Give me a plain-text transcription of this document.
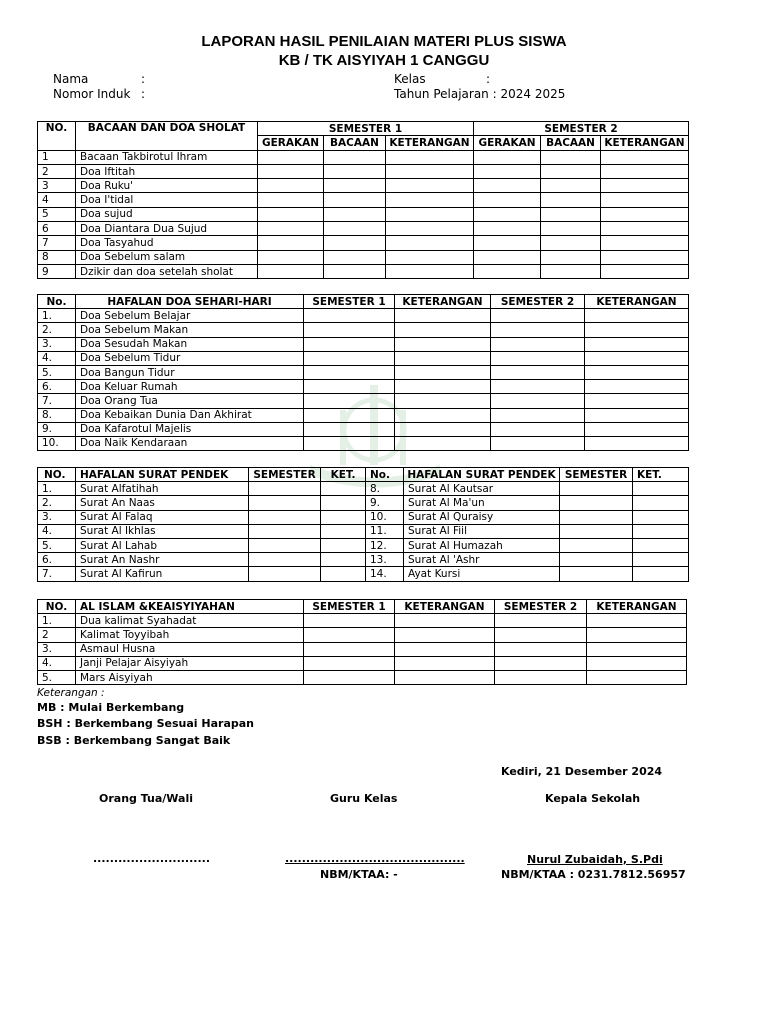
LAPORAN HASIL PENILAIAN MATERI PLUS SISWA
KB / TK AISYIYAH 1 CANGGU
Nama	:
Nomor Induk :
Kelas	:
Tahun Pelajaran : 2024 2025
NO.	BACAAN DAN DOA SHOLAT	SEMESTER 1			SEMESTER 2		
		GERAKAN	BACAAN	KETERANGAN	GERAKAN	BACAAN	KETERANGAN
1	Bacaan Takbirotul Ihram						
2	Doa Iftitah						
3	Doa Ruku'						
4	Doa I'tidal						
5	Doa sujud						
6	Doa Diantara Dua Sujud						
7	Doa Tasyahud						
8	Doa Sebelum salam						
9	Dzikir dan doa setelah sholat						
No.	HAFALAN DOA SEHARI-HARI	SEMESTER 1	KETERANGAN	SEMESTER 2	KETERANGAN
1.	Doa Sebelum Belajar				
2.	Doa Sebelum Makan				
3.	Doa Sesudah Makan				
4.	Doa Sebelum Tidur				
5.	Doa Bangun Tidur				
6.	Doa Keluar Rumah				
7.	Doa Orang Tua				
8.	Doa Kebaikan Dunia Dan Akhirat				
9.	Doa Kafarotul Majelis				
10.	Doa Naik Kendaraan				
NO.	HAFALAN SURAT PENDEK	SEMESTER	KET.	No.	HAFALAN SURAT PENDEK	SEMESTER	KET.
1.	Surat Alfatihah			8.	Surat Al Kautsar		
2.	Surat An Naas			9.	Surat Al Ma'un		
3.	Surat Al Falaq			10.	Surat Al Quraisy		
4.	Surat Al Ikhlas			11.	Surat Al Fiil		
5.	Surat Al Lahab			12.	Surat Al Humazah		
6.	Surat An Nashr			13.	Surat Al 'Ashr		
7.	Surat Al Kafirun			14.	Ayat Kursi		
NO.	AL ISLAM &KEAISYIYAHAN	SEMESTER 1	KETERANGAN	SEMESTER 2	KETERANGAN
1.	Dua kalimat Syahadat				
2	Kalimat Toyyibah				
3.	Asmaul Husna				
4.	Janji Pelajar Aisyiyah				
5.	Mars Aisyiyah				
Keterangan :
MB : Mulai Berkembang
BSH : Berkembang Sesuai Harapan
BSB : Berkembang Sangat Baik
Kediri, 21 Desember 2024
Orang Tua/Wali	Guru Kelas	Kepala Sekolah
............................	...........................................	Nurul Zubaidah, S.Pdi
NBM/KTAA: -	NBM/KTAA : 0231.7812.56957
